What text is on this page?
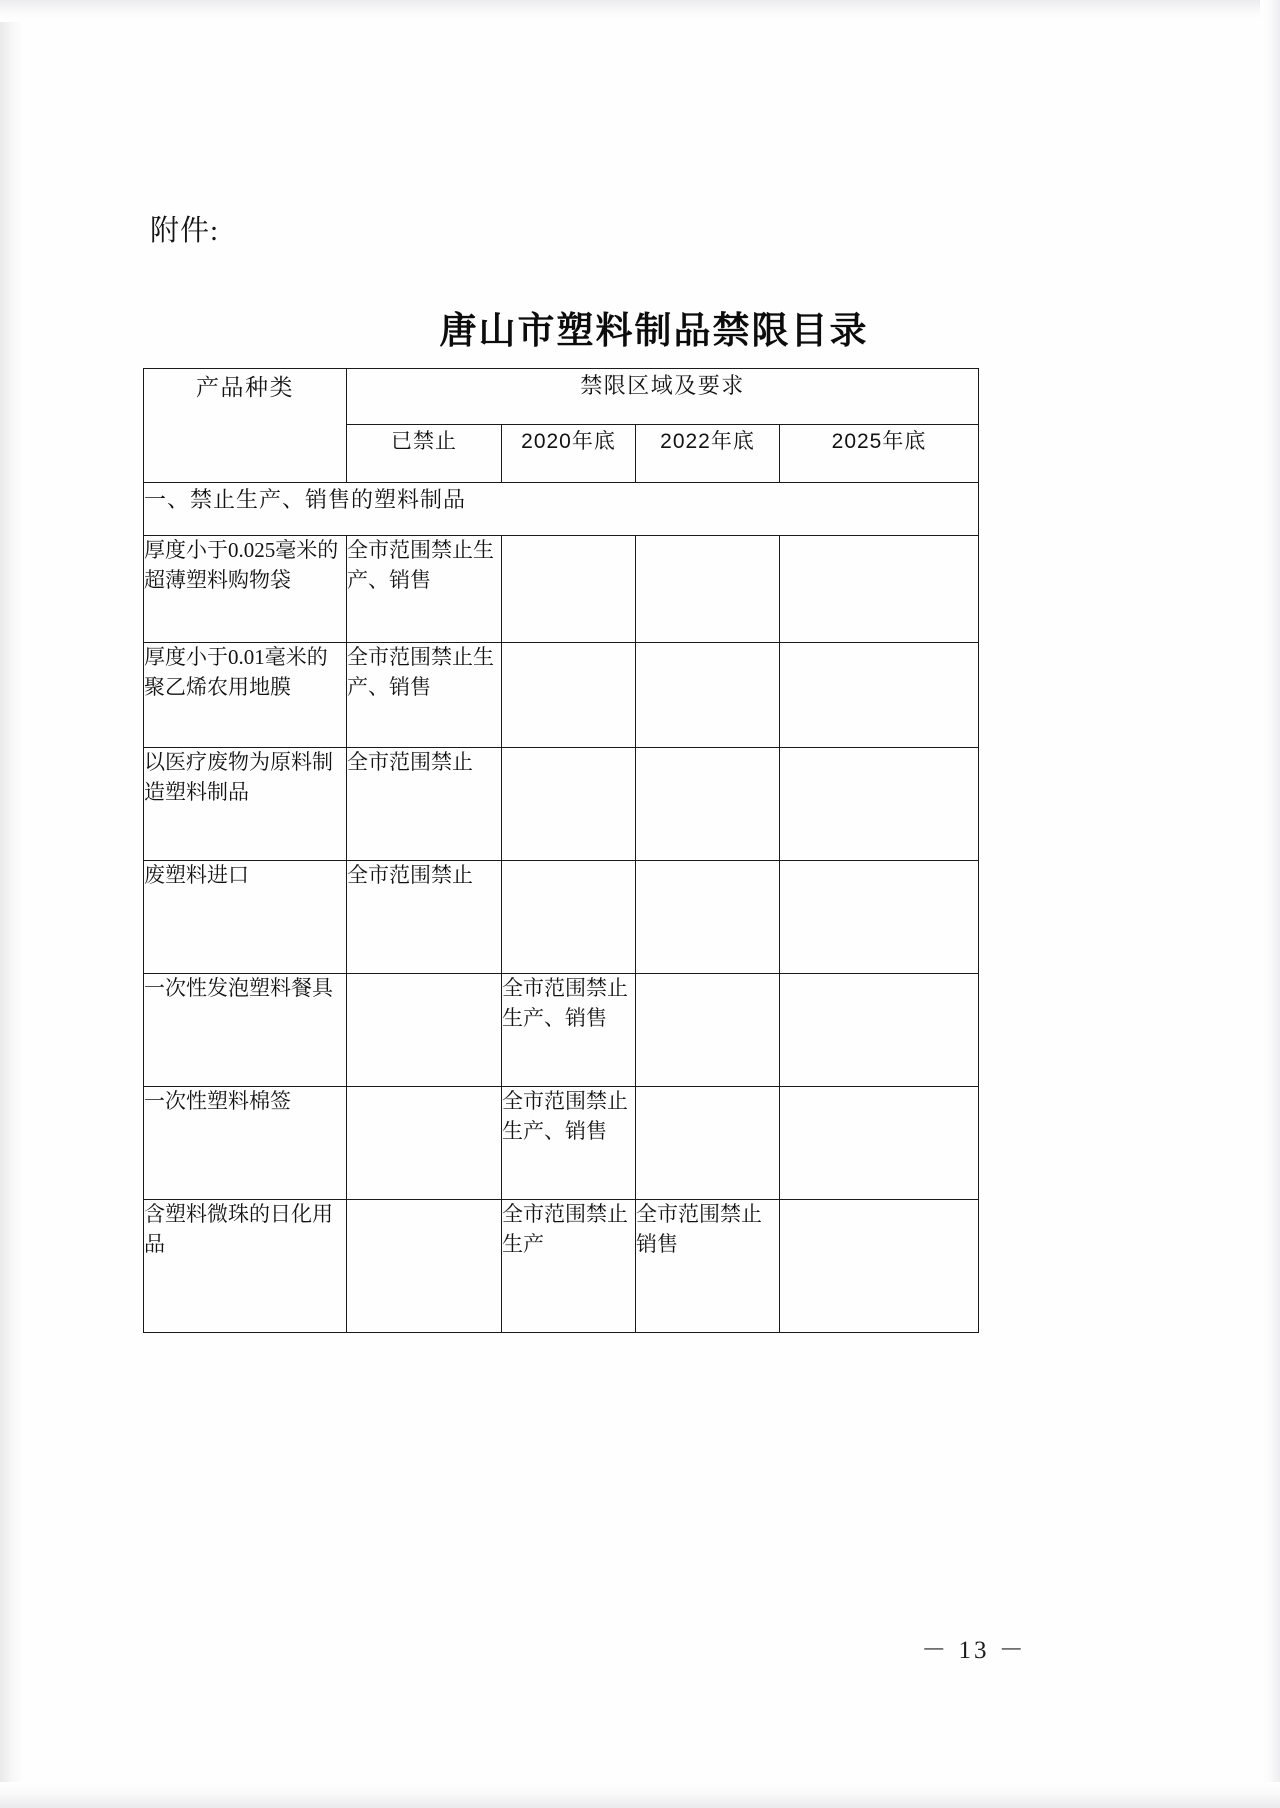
附件:
唐山市塑料制品禁限目录
产品种类	禁限区域及要求			
	已禁止	2020年底	2022年底	2025年底
一、禁止生产、销售的塑料制品				
厚度小于0.025毫米的超薄塑料购物袋	全市范围禁止生产、销售			
厚度小于0.01毫米的聚乙烯农用地膜	全市范围禁止生产、销售			
以医疗废物为原料制造塑料制品	全市范围禁止			
废塑料进口	全市范围禁止			
一次性发泡塑料餐具		全市范围禁止生产、销售		
一次性塑料棉签		全市范围禁止生产、销售		
含塑料微珠的日化用品		全市范围禁止生产	全市范围禁止销售	
－ 13 －
